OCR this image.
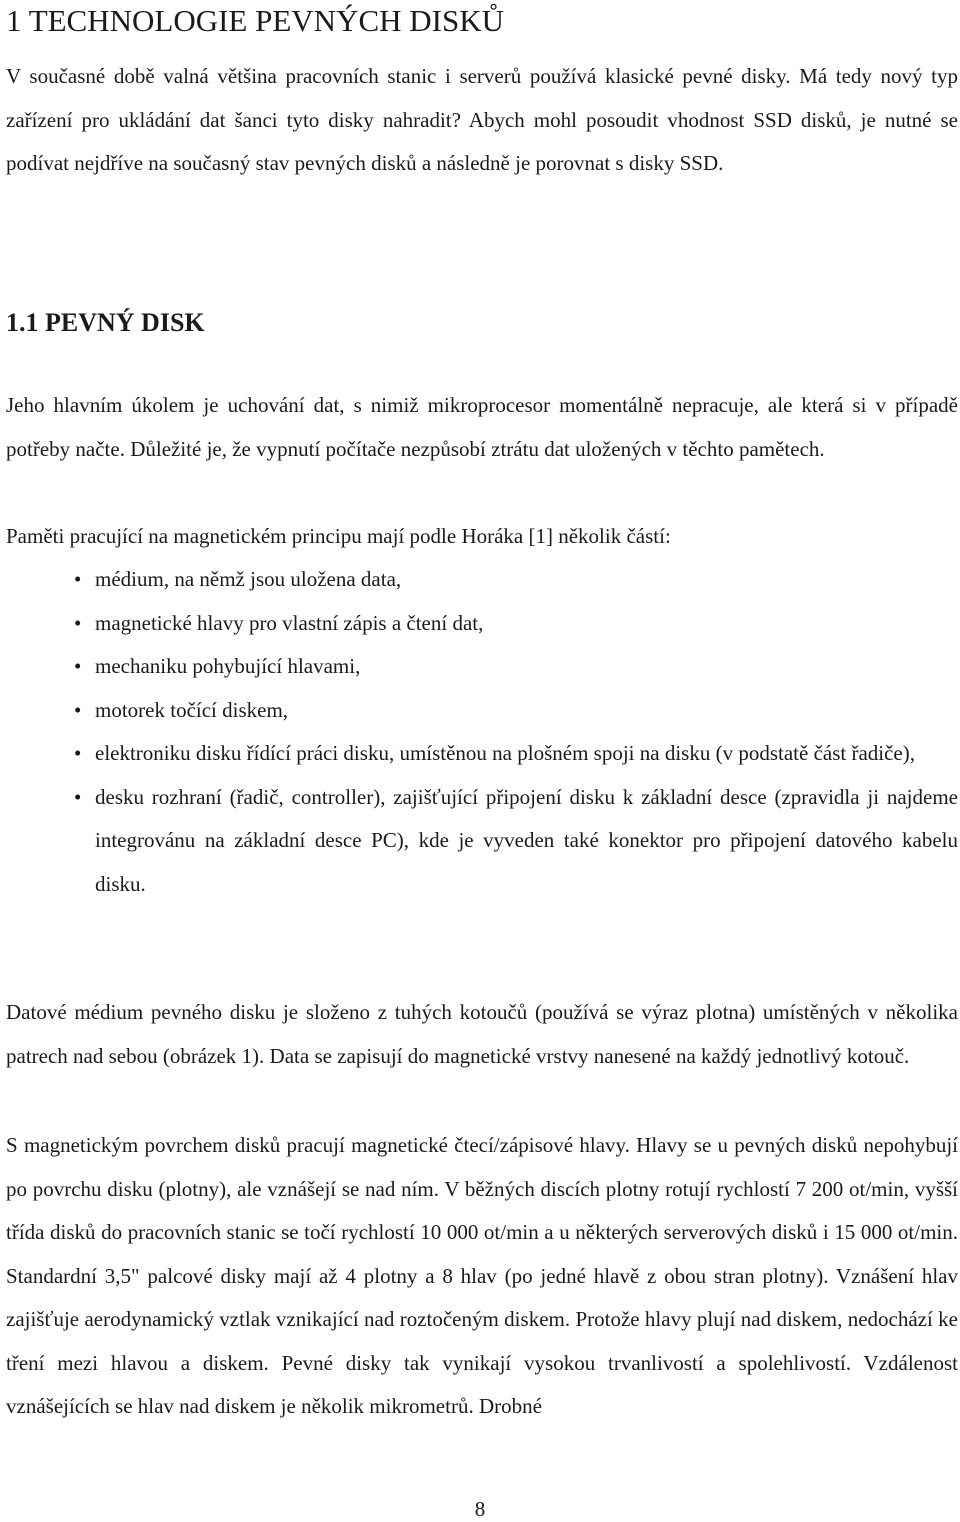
1 TECHNOLOGIE PEVNÝCH DISKŮ

V současné době valná většina pracovních stanic i serverů používá klasické pevné disky. Má tedy nový typ zařízení pro ukládání dat šanci tyto disky nahradit? Abych mohl posoudit vhodnost SSD disků, je nutné se podívat nejdříve na současný stav pevných disků a následně je porovnat s disky SSD.

1.1 PEVNÝ DISK

Jeho hlavním úkolem je uchování dat, s nimiž mikroprocesor momentálně nepracuje, ale která si v případě potřeby načte. Důležité je, že vypnutí počítače nezpůsobí ztrátu dat uložených v těchto pamětech.

Paměti pracující na magnetickém principu mají podle Horáka [1] několik částí:

• médium, na němž jsou uložena data,
• magnetické hlavy pro vlastní zápis a čtení dat,
• mechaniku pohybující hlavami,
• motorek točící diskem,
• elektroniku disku řídící práci disku, umístěnou na plošném spoji na disku (v podstatě část řadiče),
• desku rozhraní (řadič, controller), zajišťující připojení disku k základní desce (zpravidla ji najdeme integrovánu na základní desce PC), kde je vyveden také konektor pro připojení datového kabelu disku.

Datové médium pevného disku je složeno z tuhých kotoučů (používá se výraz plotna) umístěných v několika patrech nad sebou (obrázek 1). Data se zapisují do magnetické vrstvy nanesené na každý jednotlivý kotouč.

S magnetickým povrchem disků pracují magnetické čtecí/zápisové hlavy. Hlavy se u pevných disků nepohybují po povrchu disku (plotny), ale vznášejí se nad ním. V běžných discích plotny rotují rychlostí 7 200 ot/min, vyšší třída disků do pracovních stanic se točí rychlostí 10 000 ot/min a u některých serverových disků i 15 000 ot/min. Standardní 3,5" palcové disky mají až 4 plotny a 8 hlav (po jedné hlavě z obou stran plotny). Vznášení hlav zajišťuje aerodynamický vztlak vznikající nad roztočeným diskem. Protože hlavy plují nad diskem, nedochází ke tření mezi hlavou a diskem. Pevné disky tak vynikají vysokou trvanlivostí a spolehlivostí. Vzdálenost vznášejících se hlav nad diskem je několik mikrometrů. Drobné

8
